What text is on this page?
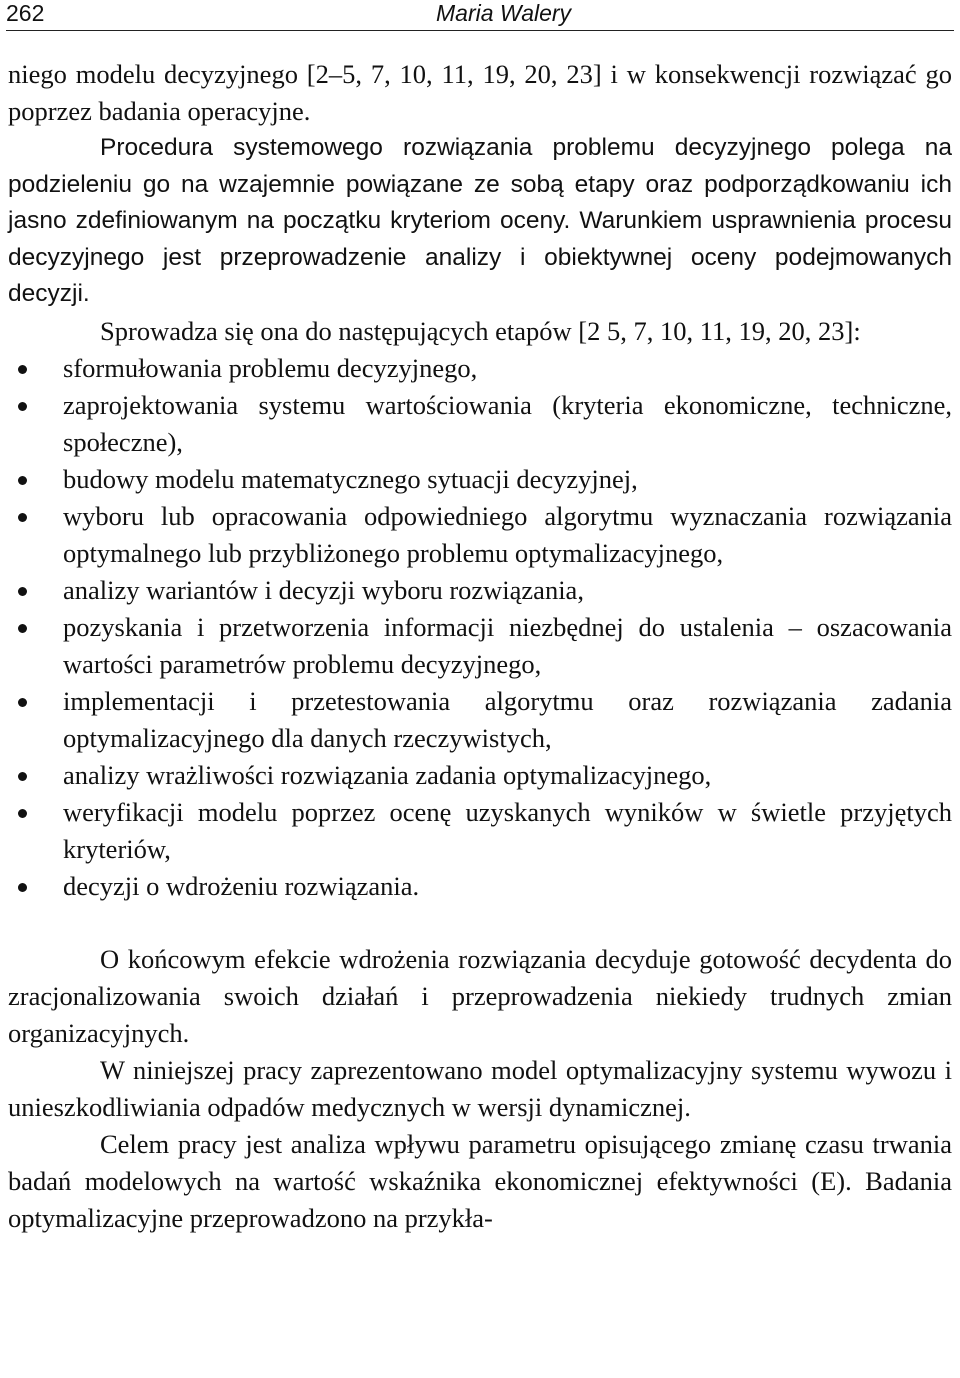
262	Maria Walery

niego modelu decyzyjnego [2–5, 7, 10, 11, 19, 20, 23] i w konsekwencji rozwiązać go poprzez badania operacyjne.

Procedura systemowego rozwiązania problemu decyzyjnego polega na podzieleniu go na wzajemnie powiązane ze sobą etapy oraz podporządkowaniu ich jasno zdefiniowanym na początku kryteriom oceny. Warunkiem usprawnienia procesu decyzyjnego jest przeprowadzenie analizy i obiektywnej oceny podejmowanych decyzji.

Sprowadza się ona do następujących etapów [2 5, 7, 10, 11, 19, 20, 23]:

sformułowania problemu decyzyjnego,
zaprojektowania systemu wartościowania (kryteria ekonomiczne, techniczne, społeczne),
budowy modelu matematycznego sytuacji decyzyjnej,
wyboru lub opracowania odpowiedniego algorytmu wyznaczania rozwiązania optymalnego lub przybliżonego problemu optymalizacyjnego,
analizy wariantów i decyzji wyboru rozwiązania,
pozyskania i przetworzenia informacji niezbędnej do ustalenia – oszacowania wartości parametrów problemu decyzyjnego,
implementacji i przetestowania algorytmu oraz rozwiązania zadania optymalizacyjnego dla danych rzeczywistych,
analizy wrażliwości rozwiązania zadania optymalizacyjnego,
weryfikacji modelu poprzez ocenę uzyskanych wyników w świetle przyjętych kryteriów,
decyzji o wdrożeniu rozwiązania.

O końcowym efekcie wdrożenia rozwiązania decyduje gotowość decydenta do zracjonalizowania swoich działań i przeprowadzenia niekiedy trudnych zmian organizacyjnych.

W niniejszej pracy zaprezentowano model optymalizacyjny systemu wywozu i unieszkodliwiania odpadów medycznych w wersji dynamicznej.

Celem pracy jest analiza wpływu parametru opisującego zmianę czasu trwania badań modelowych na wartość wskaźnika ekonomicznej efektywności (E). Badania optymalizacyjne przeprowadzono na przykła-
